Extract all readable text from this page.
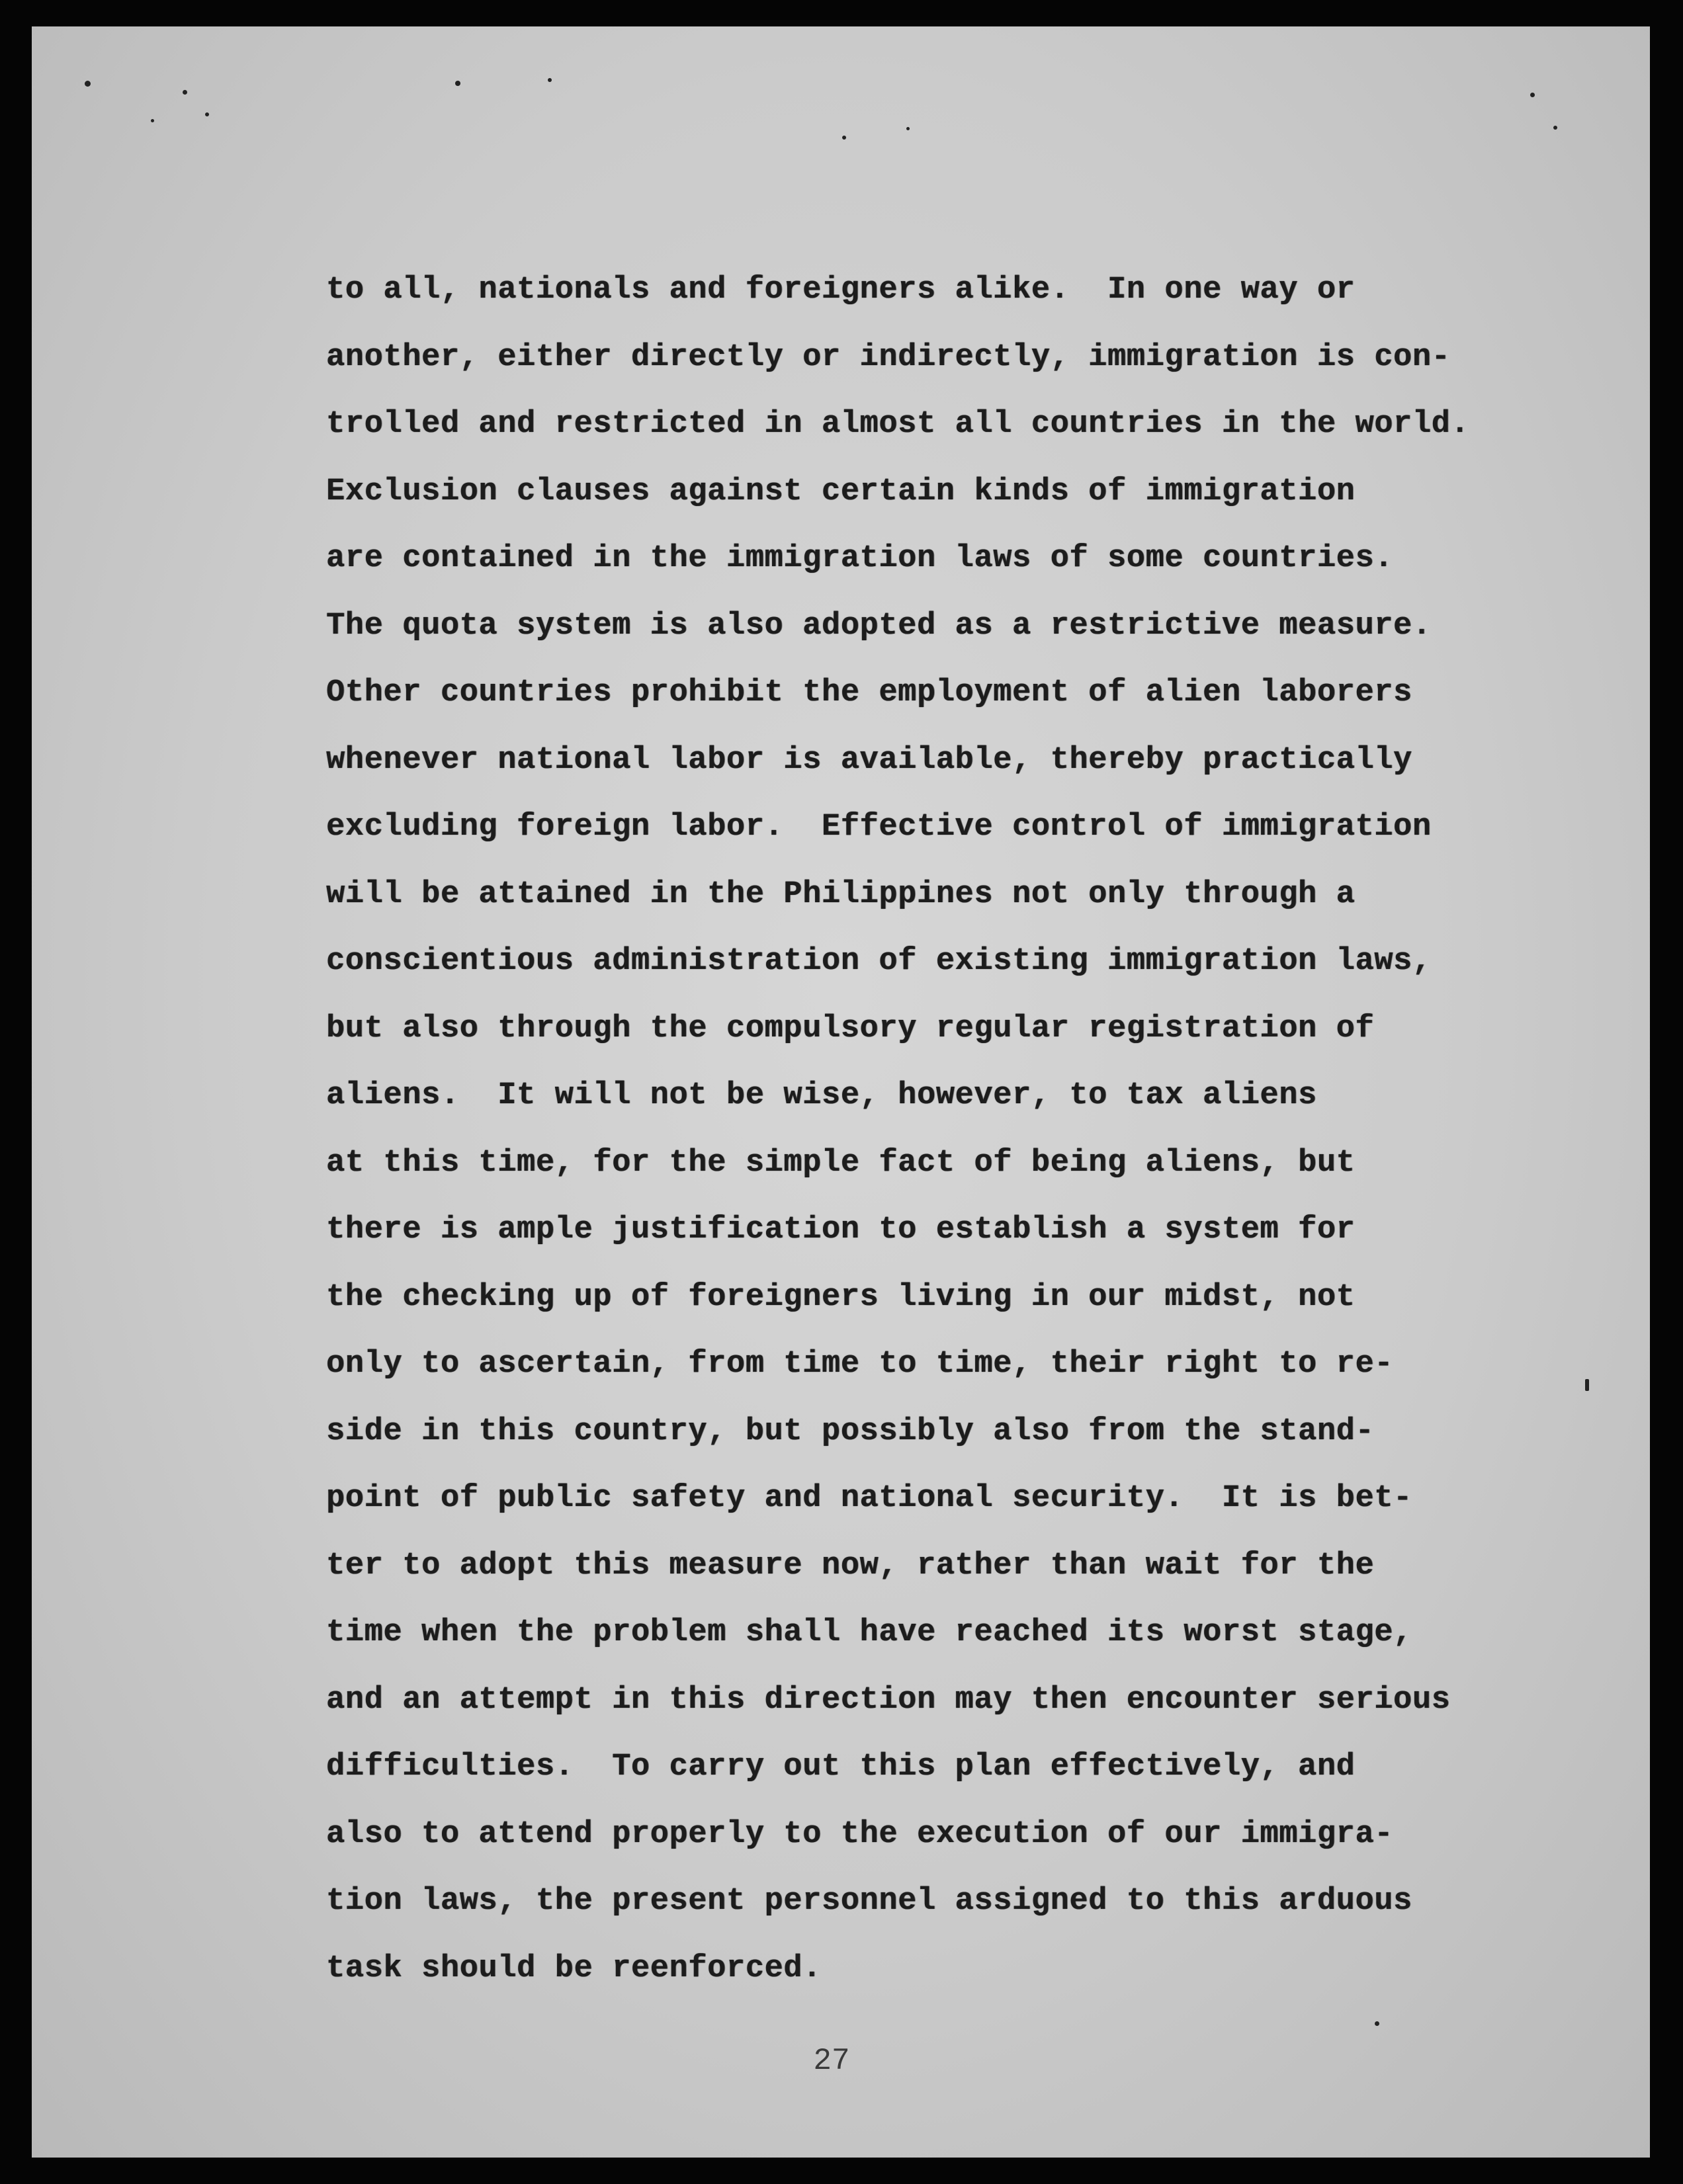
to all, nationals and foreigners alike.  In one way or
another, either directly or indirectly, immigration is con-
trolled and restricted in almost all countries in the world.
Exclusion clauses against certain kinds of immigration
are contained in the immigration laws of some countries.
The quota system is also adopted as a restrictive measure.
Other countries prohibit the employment of alien laborers
whenever national labor is available, thereby practically
excluding foreign labor.  Effective control of immigration
will be attained in the Philippines not only through a
conscientious administration of existing immigration laws,
but also through the compulsory regular registration of
aliens.  It will not be wise, however, to tax aliens
at this time, for the simple fact of being aliens, but
there is ample justification to establish a system for
the checking up of foreigners living in our midst, not
only to ascertain, from time to time, their right to re-
side in this country, but possibly also from the stand-
point of public safety and national security.  It is bet-
ter to adopt this measure now, rather than wait for the
time when the problem shall have reached its worst stage,
and an attempt in this direction may then encounter serious
difficulties.  To carry out this plan effectively, and
also to attend properly to the execution of our immigra-
tion laws, the present personnel assigned to this arduous
task should be reenforced.
27
